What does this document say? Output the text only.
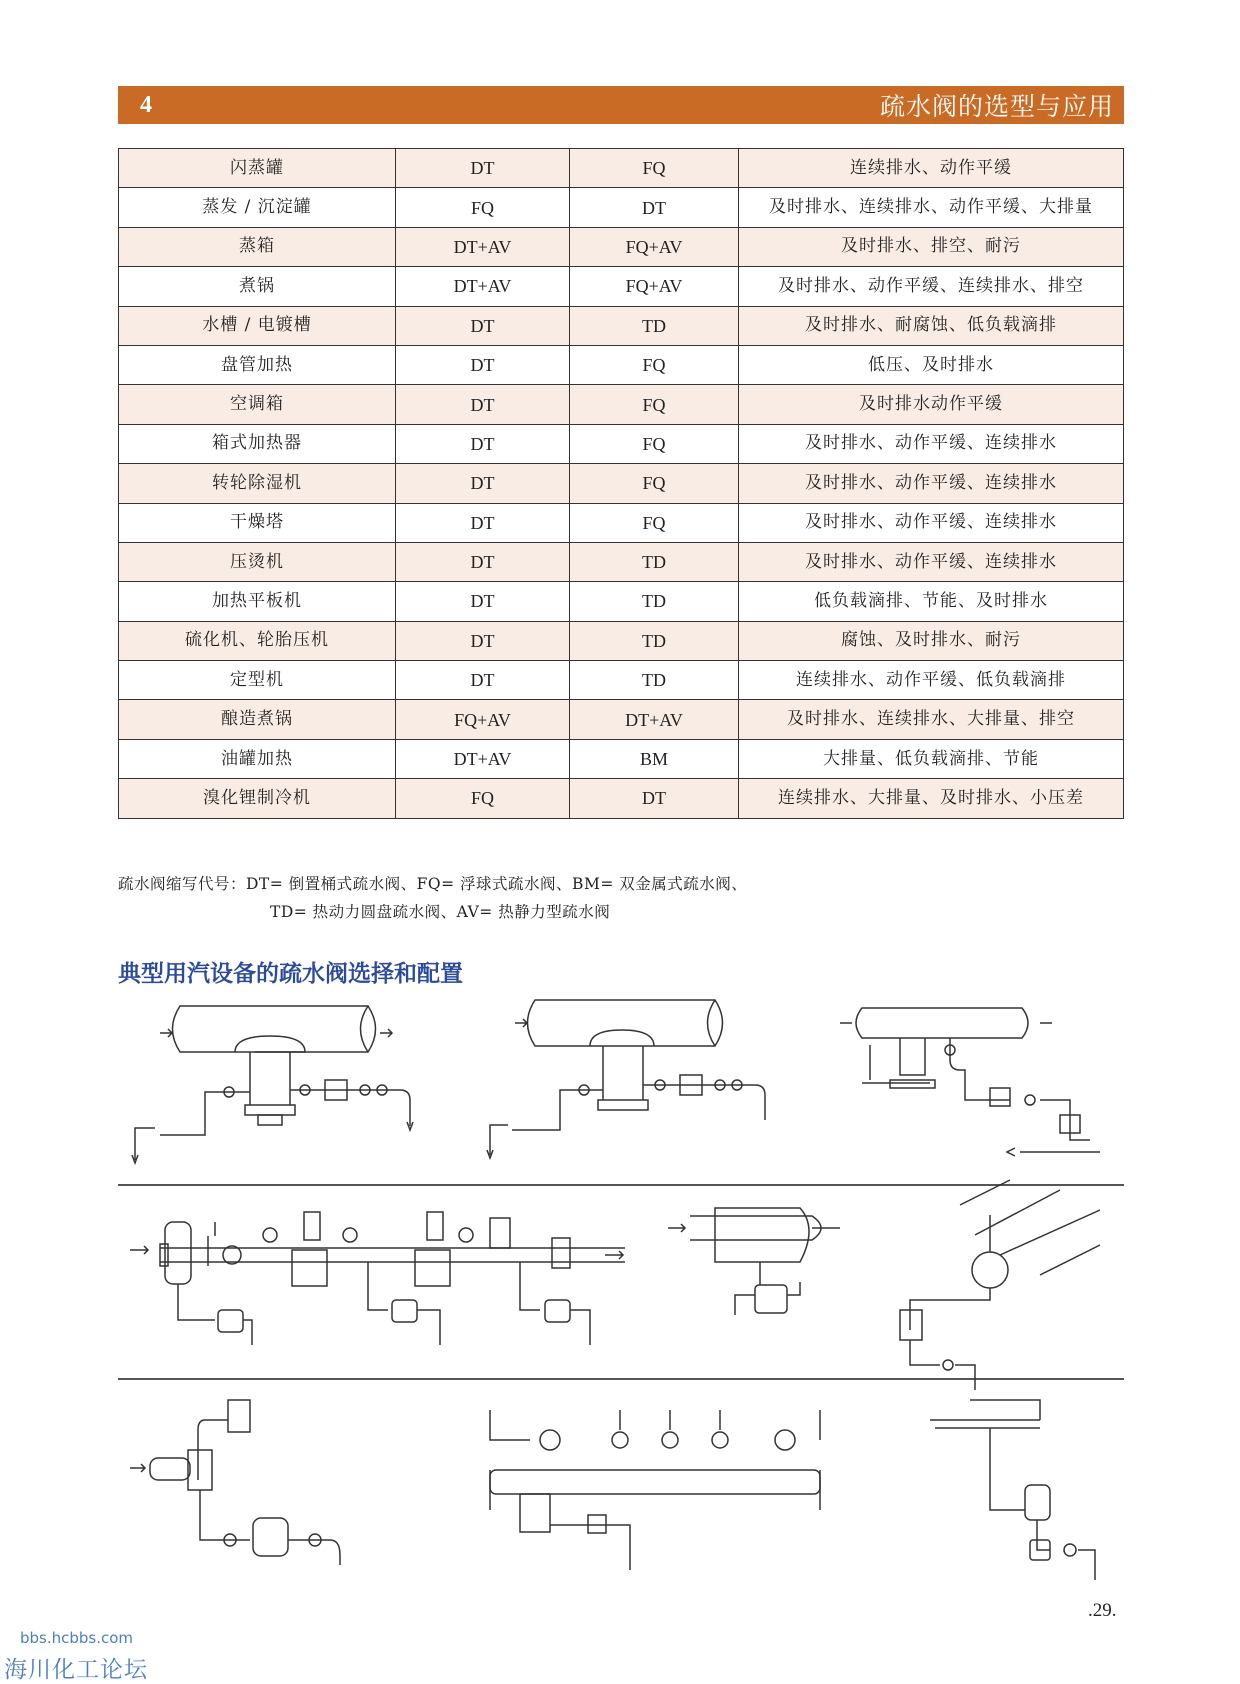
4	疏水阀的选型与应用
闪蒸罐	DT	FQ	连续排水、动作平缓
蒸发 / 沉淀罐	FQ	DT	及时排水、连续排水、动作平缓、大排量
蒸箱	DT+AV	FQ+AV	及时排水、排空、耐污
煮锅	DT+AV	FQ+AV	及时排水、动作平缓、连续排水、排空
水槽 / 电镀槽	DT	TD	及时排水、耐腐蚀、低负载滴排
盘管加热	DT	FQ	低压、及时排水
空调箱	DT	FQ	及时排水动作平缓
箱式加热器	DT	FQ	及时排水、动作平缓、连续排水
转轮除湿机	DT	FQ	及时排水、动作平缓、连续排水
干燥塔	DT	FQ	及时排水、动作平缓、连续排水
压烫机	DT	TD	及时排水、动作平缓、连续排水
加热平板机	DT	TD	低负载滴排、节能、及时排水
硫化机、轮胎压机	DT	TD	腐蚀、及时排水、耐污
定型机	DT	TD	连续排水、动作平缓、低负载滴排
酿造煮锅	FQ+AV	DT+AV	及时排水、连续排水、大排量、排空
油罐加热	DT+AV	BM	大排量、低负载滴排、节能
溴化锂制冷机	FQ	DT	连续排水、大排量、及时排水、小压差
疏水阀缩写代号：DT= 倒置桶式疏水阀、FQ= 浮球式疏水阀、BM= 双金属式疏水阀、
TD= 热动力圆盘疏水阀、AV= 热静力型疏水阀
典型用汽设备的疏水阀选择和配置
.29.
bbs.hcbbs.com
海川化工论坛
